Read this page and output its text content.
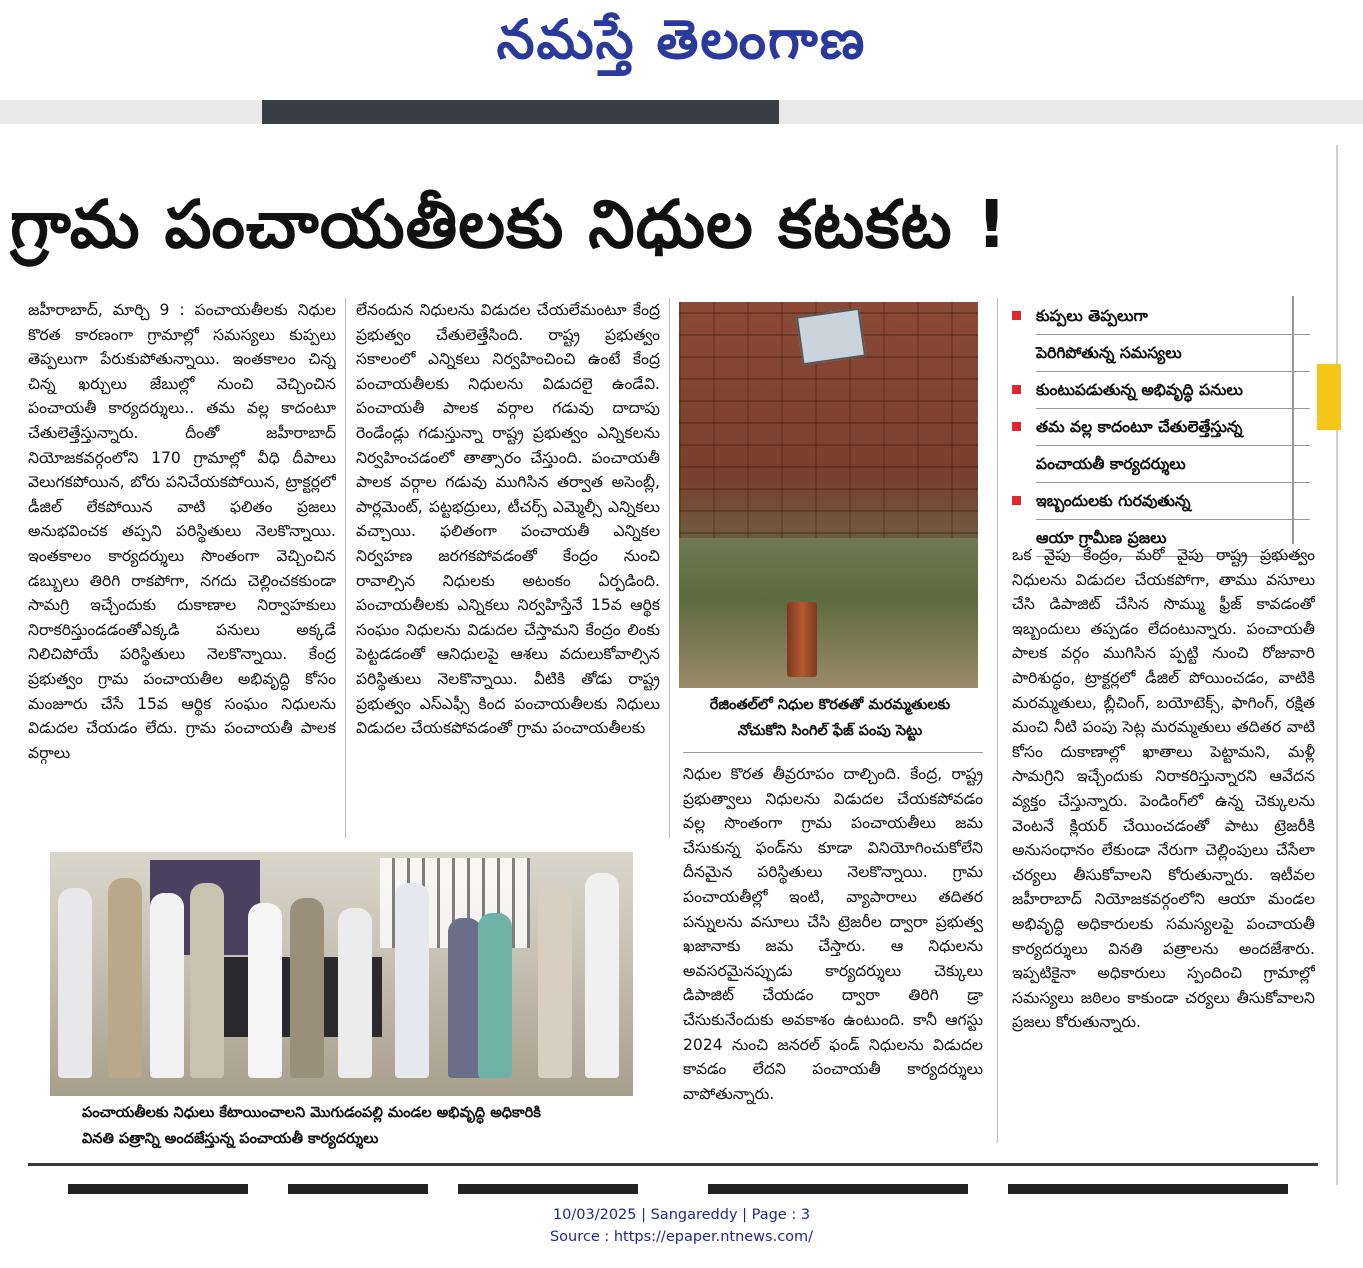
నమస్తే తెలంగాణ
గ్రామ పంచాయతీలకు నిధుల కటకట !
జహీరాబాద్, మార్చి 9 : పంచాయతీలకు నిధుల కొరత కారణంగా గ్రామాల్లో సమస్యలు కుప్పలు తెప్పలుగా పేరుకుపోతున్నాయి. ఇంతకాలం చిన్న చిన్న ఖర్చులు జేబుల్లో నుంచి వెచ్చించిన పంచాయతీ కార్యదర్శులు.. తమ వల్ల కాదంటూ చేతులెత్తేస్తున్నారు. దీంతో జహీరాబాద్ నియోజకవర్గంలోని 170 గ్రామాల్లో వీధి దీపాలు వెలుగకపోయిన, బోరు పనిచేయకపోయిన, ట్రాక్టర్లలో డీజిల్ లేకపోయిన వాటి ఫలితం ప్రజలు అనుభవించక తప్పని పరిస్థితులు నెలకొన్నాయి. ఇంతకాలం కార్యదర్శులు సొంతంగా వెచ్చించిన డబ్బులు తిరిగి రాకపోగా, నగదు చెల్లించకకుండా సామగ్రి ఇచ్చేందుకు దుకాణాల నిర్వాహకులు నిరాకరిస్తుండడంతోఎక్కడి పనులు అక్కడే నిలిచిపోయే పరిస్థితులు నెలకొన్నాయి. కేంద్ర ప్రభుత్వం గ్రామ పంచాయతీల అభివృద్ధి కోసం మంజూరు చేసే 15వ ఆర్థిక సంఘం నిధులను విడుదల చేయడం లేదు. గ్రామ పంచాయతీ పాలక వర్గాలు
లేనందున నిధులను విడుదల చేయలేమంటూ కేంద్ర ప్రభుత్వం చేతులెత్తేసింది. రాష్ట్ర ప్రభుత్వం సకాలంలో ఎన్నికలు నిర్వహించించి ఉంటే కేంద్ర పంచాయతీలకు నిధులను విడుదలై ఉండేవి. పంచాయతీ పాలక వర్గాల గడువు దాదాపు రెండేండ్లు గడుస్తున్నా రాష్ట్ర ప్రభుత్వం ఎన్నికలను నిర్వహించడంలో తాత్సారం చేస్తుంది. పంచాయతీ పాలక వర్గాల గడువు ముగిసిన తర్వాత అసెంబ్లీ, పార్లమెంట్, పట్టభద్రులు, టీచర్స్ ఎమ్మెల్సీ ఎన్నికలు వచ్చాయి. ఫలితంగా పంచాయతీ ఎన్నికల నిర్వహణ జరగకపోవడంతో కేంద్రం నుంచి రావాల్సిన నిధులకు అటంకం ఏర్పడింది. పంచాయతీలకు ఎన్నికలు నిర్వహిస్తేనే 15వ ఆర్థిక సంఘం నిధులను విడుదల చేస్తామని కేంద్రం లింకు పెట్టడడంతో ఆనిధులపై ఆశలు వదులుకోవాల్సిన పరిస్థితులు నెలకొన్నాయి. వీటికి తోడు రాష్ట్ర ప్రభుత్వం ఎస్ఎఫ్సీ కింద పంచాయతీలకు నిధులు విడుదల చేయకపోవడంతో గ్రామ పంచాయతీలకు
రేజింతల్‌లో నిధుల కొరతతో మరమ్మతులకు నోచుకోని సింగిల్ ఫేజ్ పంపు సెట్టు
నిధుల కొరత తీవ్రరూపం దాల్చింది. కేంద్ర, రాష్ట్ర ప్రభుత్వాలు నిధులను విడుదల చేయకపోవడం వల్ల సొంతంగా గ్రామ పంచాయతీలు జమ చేసుకున్న ఫండ్‌ను కూడా వినియోగించుకోలేని దీనమైన పరిస్థితులు నెలకొన్నాయి. గ్రామ పంచాయతీల్లో ఇంటి, వ్యాపారాలు తదితర పన్నులను వసూలు చేసి ట్రెజరీల ద్వారా ప్రభుత్వ ఖజానాకు జమ చేస్తారు. ఆ నిధులను అవసరమైనప్పుడు కార్యదర్శులు చెక్కులు డిపాజిట్ చేయడం ద్వారా తిరిగి డ్రా చేసుకునేందుకు అవకాశం ఉంటుంది. కానీ ఆగస్టు 2024 నుంచి జనరల్ ఫండ్ నిధులను విడుదల కావడం లేదని పంచాయతీ కార్యదర్శులు వాపోతున్నారు.
కుప్పలు తెప్పలుగా
పెరిగిపోతున్న సమస్యలు
కుంటుపడుతున్న అభివృద్ధి పనులు
తమ వల్ల కాదంటూ చేతులెత్తేస్తున్న
పంచాయతీ కార్యదర్శులు
ఇబ్బందులకు గురవుతున్న
ఆయా గ్రామీణ ప్రజలు
ఒక వైపు కేంద్రం, మరో వైపు రాష్ట్ర ప్రభుత్వం నిధులను విడుదల చేయకపోగా, తాము వసూలు చేసి డిపాజిట్ చేసిన సొమ్ము ఫ్రీజ్ కావడంతో ఇబ్బందులు తప్పడం లేదంటున్నారు. పంచాయతీ పాలక వర్గం ముగిసిన ప్పట్టి నుంచి రోజువారి పారిశుద్ధం, ట్రాక్టర్లలో డీజిల్ పోయించడం, వాటికి మరమ్మతులు, బ్లీచింగ్, బయోటెక్స్, ఫాగింగ్, రక్షిత మంచి నీటి పంపు సెట్ల మరమ్మతులు తదితర వాటి కోసం దుకాణాల్లో ఖాతాలు పెట్టామని, మళ్లీ సామగ్రిని ఇచ్చేందుకు నిరాకరిస్తున్నారని ఆవేదన వ్యక్తం చేస్తున్నారు. పెండింగ్‌లో ఉన్న చెక్కులను వెంటనే క్లియర్ చేయించడంతో పాటు ట్రెజరీకి అనుసంధానం లేకుండా నేరుగా చెల్లింపులు చేసేలా చర్యలు తీసుకోవాలని కోరుతున్నారు. ఇటీవల జహీరాబాద్ నియోజకవర్గంలోని ఆయా మండల అభివృద్ధి అధికారులకు సమస్యలపై పంచాయతీ కార్యదర్శులు వినతి పత్రాలను అందజేశారు. ఇప్పటికైనా అధికారులు స్పందించి గ్రామాల్లో సమస్యలు జఠిలం కాకుండా చర్యలు తీసుకోవాలని ప్రజలు కోరుతున్నారు.
పంచాయతీలకు నిధులు కేటాయించాలని మొగుడంపల్లి మండల అభివృద్ధి అధికారికి
వినతి పత్రాన్ని అందజేస్తున్న పంచాయతీ కార్యదర్శులు
10/03/2025 | Sangareddy | Page : 3
Source : https://epaper.ntnews.com/
